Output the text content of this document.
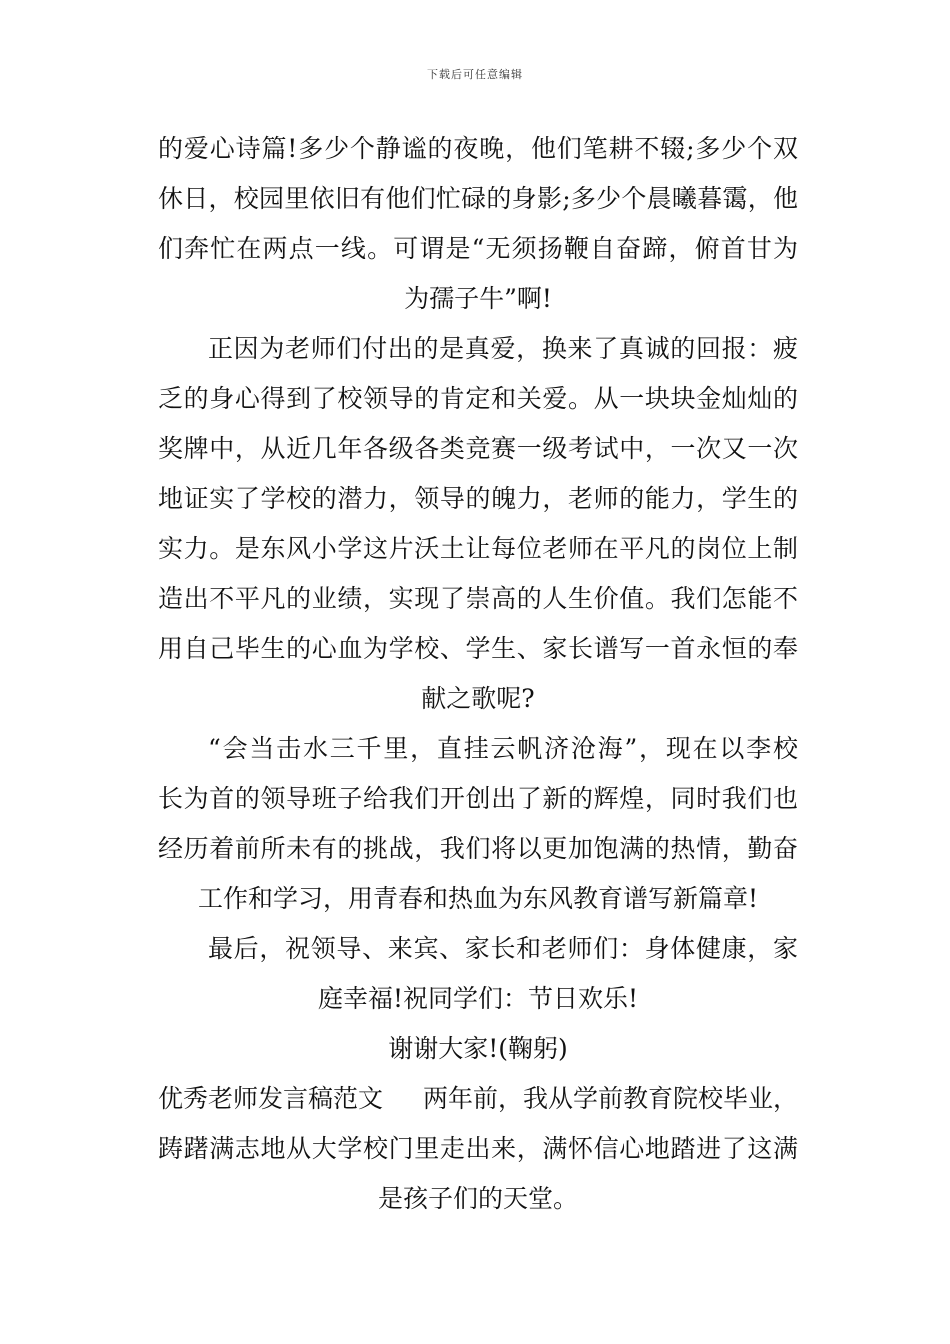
下载后可任意编辑
的爱心诗篇!多少个静谧的夜晚，他们笔耕不辍;多少个双
休日，校园里依旧有他们忙碌的身影;多少个晨曦暮霭，他
们奔忙在两点一线。可谓是“无须扬鞭自奋蹄，俯首甘为
为孺子牛”啊!
正因为老师们付出的是真爱，换来了真诚的回报：疲
乏的身心得到了校领导的肯定和关爱。从一块块金灿灿的
奖牌中，从近几年各级各类竞赛一级考试中，一次又一次
地证实了学校的潜力，领导的魄力，老师的能力，学生的
实力。是东风小学这片沃土让每位老师在平凡的岗位上制
造出不平凡的业绩，实现了崇高的人生价值。我们怎能不
用自己毕生的心血为学校、学生、家长谱写一首永恒的奉
献之歌呢?
“会当击水三千里，直挂云帆济沧海”，现在以李校
长为首的领导班子给我们开创出了新的辉煌，同时我们也
经历着前所未有的挑战，我们将以更加饱满的热情，勤奋
工作和学习，用青春和热血为东风教育谱写新篇章!
最后，祝领导、来宾、家长和老师们：身体健康，家
庭幸福!祝同学们：节日欢乐!
谢谢大家!(鞠躬)
优秀老师发言稿范文 两年前，我从学前教育院校毕业，
踌躇满志地从大学校门里走出来，满怀信心地踏进了这满
是孩子们的天堂。
